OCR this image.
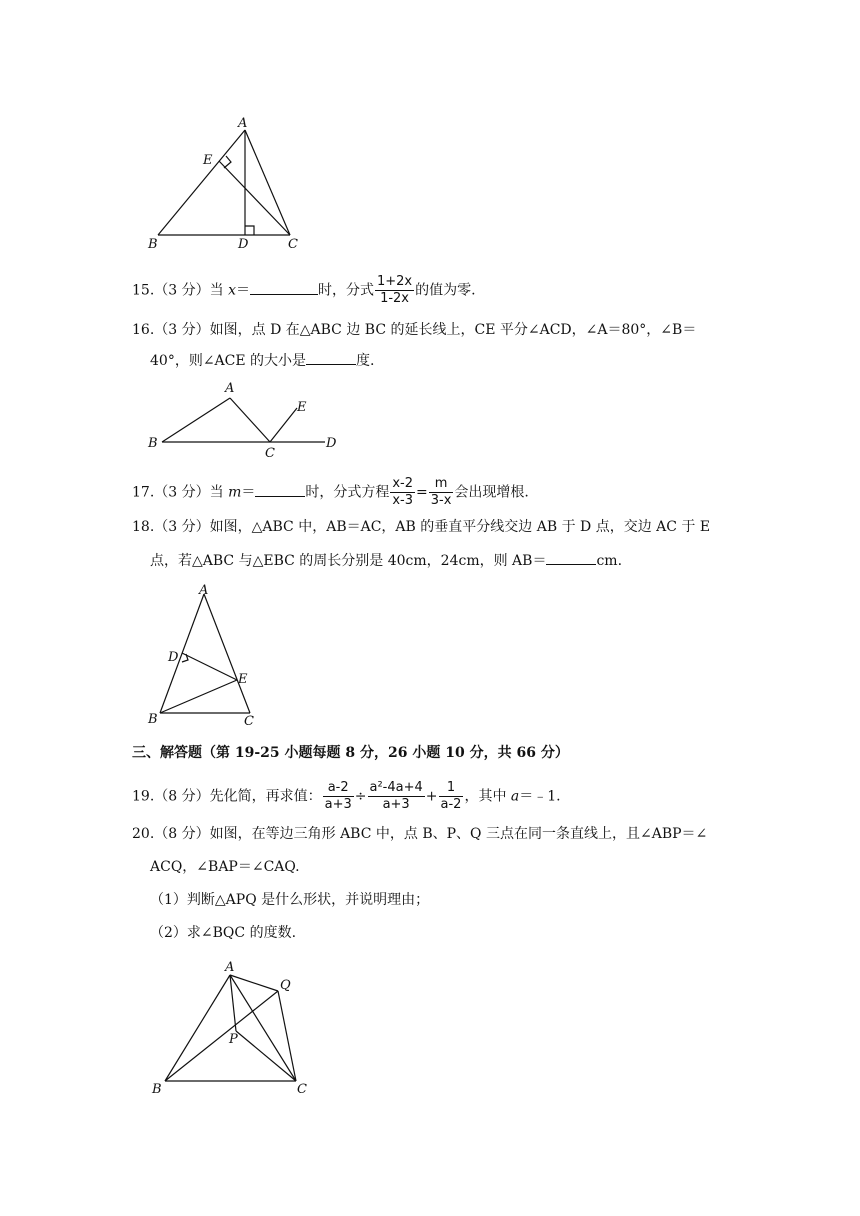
A
E
B	D	C
15.（3 分）当 x＝	时，分式 $\frac{1+2x}{1-2x}$ 的值为零.
16.（3 分）如图，点 D 在△ABC 边 BC 的延长线上，CE 平分∠ACD，∠A＝80°，∠B＝
40°，则∠ACE 的大小是	度.
A
B
C
D
E
17.（3 分）当 m＝	时，分式方程 $\frac{x-2}{x-3} = \frac{m}{3-x}$ 会出现增根.
18.（3 分）如图，△ABC 中，AB＝AC，AB 的垂直平分线交边 AB 于 D 点，交边 AC 于 E
点，若△ABC 与△EBC 的周长分别是 40cm，24cm，则 AB＝	cm.
A
D
E
B	C
三、解答题（第 19-25 小题每题 8 分，26 小题 10 分，共 66 分）
19.（8 分）先化简，再求值： $\frac{a-2}{a+3} \div \frac{\text{a²-4a+4}}{a+3} + \frac{1}{a-2}$ ，其中 a＝﹣1.
20.（8 分）如图，在等边三角形 ABC 中，点 B、P、Q 三点在同一条直线上，且∠ABP＝∠
ACQ，∠BAP＝∠CAQ.
（1）判断△APQ 是什么形状，并说明理由；
（2）求∠BQC 的度数.
A
Q
P
B	C
